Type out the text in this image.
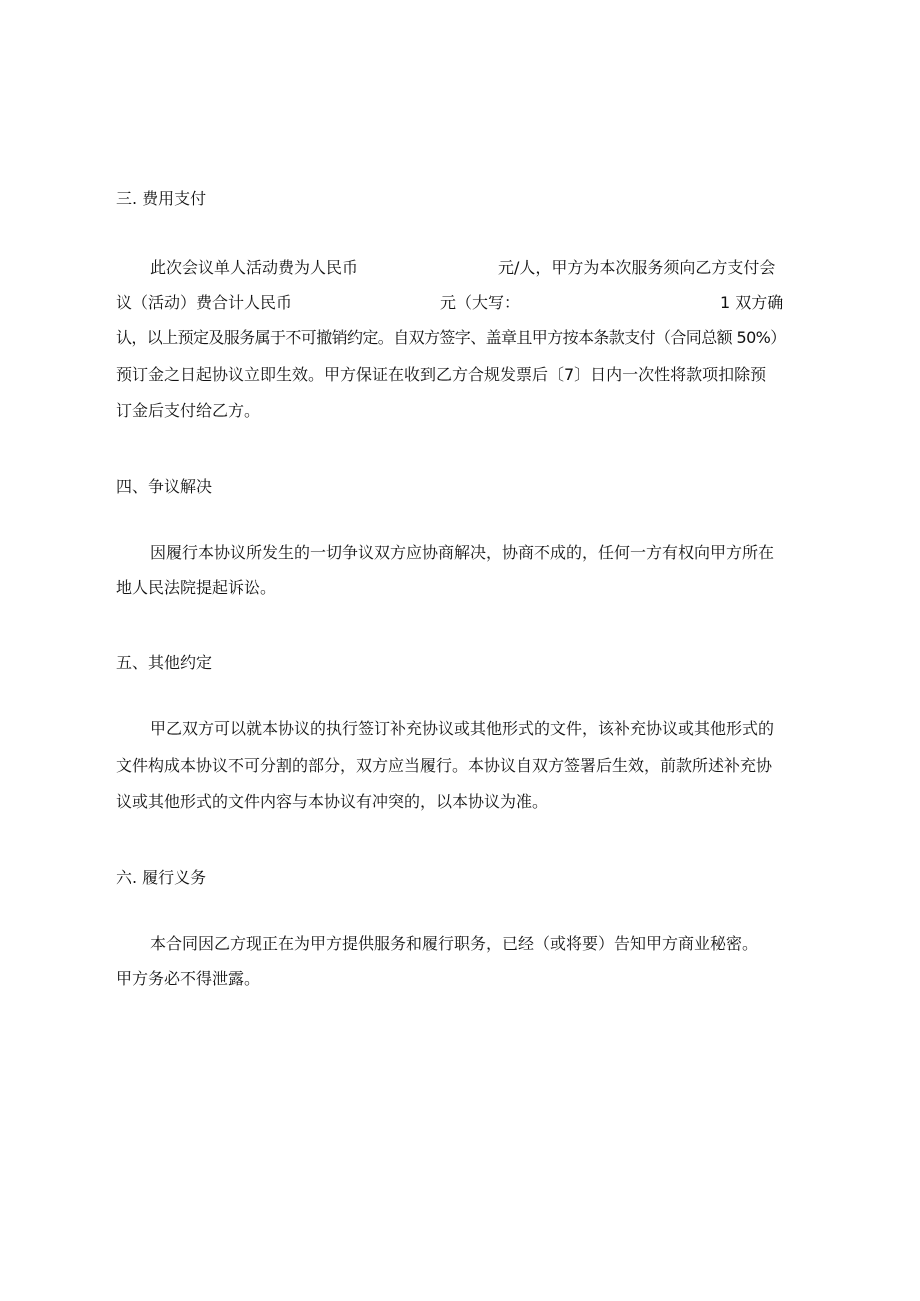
三. 费用支付
此次会议单人活动费为人民币	元/人，甲方为本次服务须向乙方支付会
议（活动）费合计人民币	元（大写：	1 双方确
认，以上预定及服务属于不可撤销约定。自双方签字、盖章且甲方按本条款支付（合同总额 50%）
预订金之日起协议立即生效。甲方保证在收到乙方合规发票后〔7〕日内一次性将款项扣除预
订金后支付给乙方。
四、争议解决
因履行本协议所发生的一切争议双方应协商解决，协商不成的，任何一方有权向甲方所在
地人民法院提起诉讼。
五、其他约定
甲乙双方可以就本协议的执行签订补充协议或其他形式的文件，该补充协议或其他形式的
文件构成本协议不可分割的部分，双方应当履行。本协议自双方签署后生效，前款所述补充协
议或其他形式的文件内容与本协议有冲突的，以本协议为准。
六. 履行义务
本合同因乙方现正在为甲方提供服务和履行职务，已经（或将要）告知甲方商业秘密。
甲方务必不得泄露。
